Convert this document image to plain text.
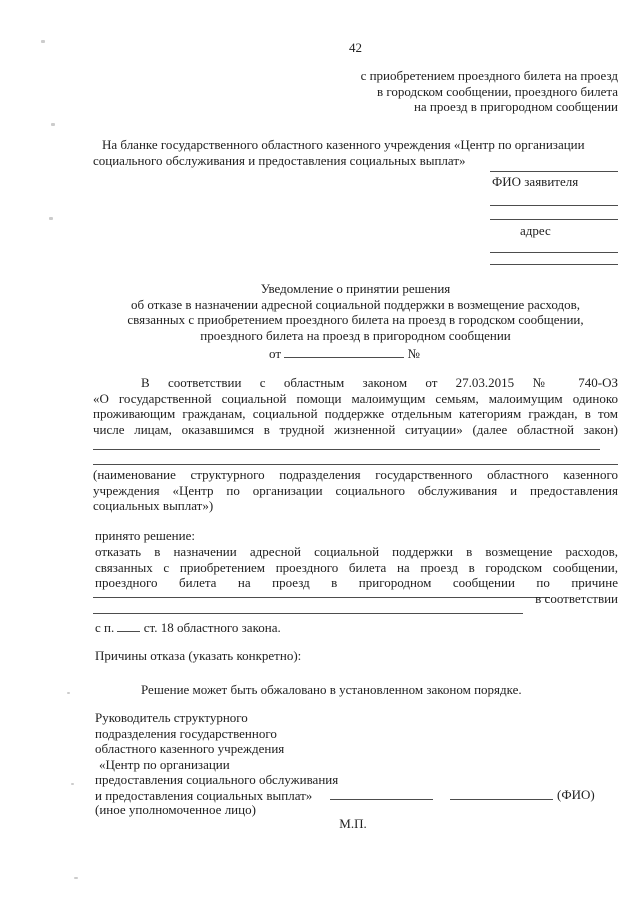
42
с приобретением проездного билета на проезд
в городском сообщении, проездного билета
на проезд в пригородном сообщении
На бланке государственного областного казенного учреждения «Центр по организации
социального обслуживания и предоставления социальных выплат»
ФИО заявителя
адрес
Уведомление о принятии решения
об отказе в назначении адресной социальной поддержки в возмещение расходов,
связанных с приобретением проездного билета на проезд в городском сообщении,
проездного билета на проезд в пригородном сообщении
от	№
В соответствии с областным законом от 27.03.2015 № 740-ОЗ
«О государственной социальной помощи малоимущим семьям, малоимущим одиноко
проживающим гражданам, социальной поддержке отдельным категориям граждан, в том
числе лицам, оказавшимся в трудной жизненной ситуации» (далее областной закон)
(наименование структурного подразделения государственного областного казенного
учреждения «Центр по организации социального обслуживания и предоставления
социальных выплат»)
принято решение:
отказать в назначении адресной социальной поддержки в возмещение расходов,
связанных с приобретением проездного билета на проезд в городском сообщении,
проездного билета на проезд в пригородном сообщении по причине
в соответствии
с п. ст. 18 областного закона.
Причины отказа (указать конкретно):
Решение может быть обжаловано в установленном законом порядке.
Руководитель структурного
подразделения государственного
областного казенного учреждения
«Центр по организации
предоставления социального обслуживания
и предоставления социальных выплат»	(ФИО)
(иное уполномоченное лицо)
М.П.
